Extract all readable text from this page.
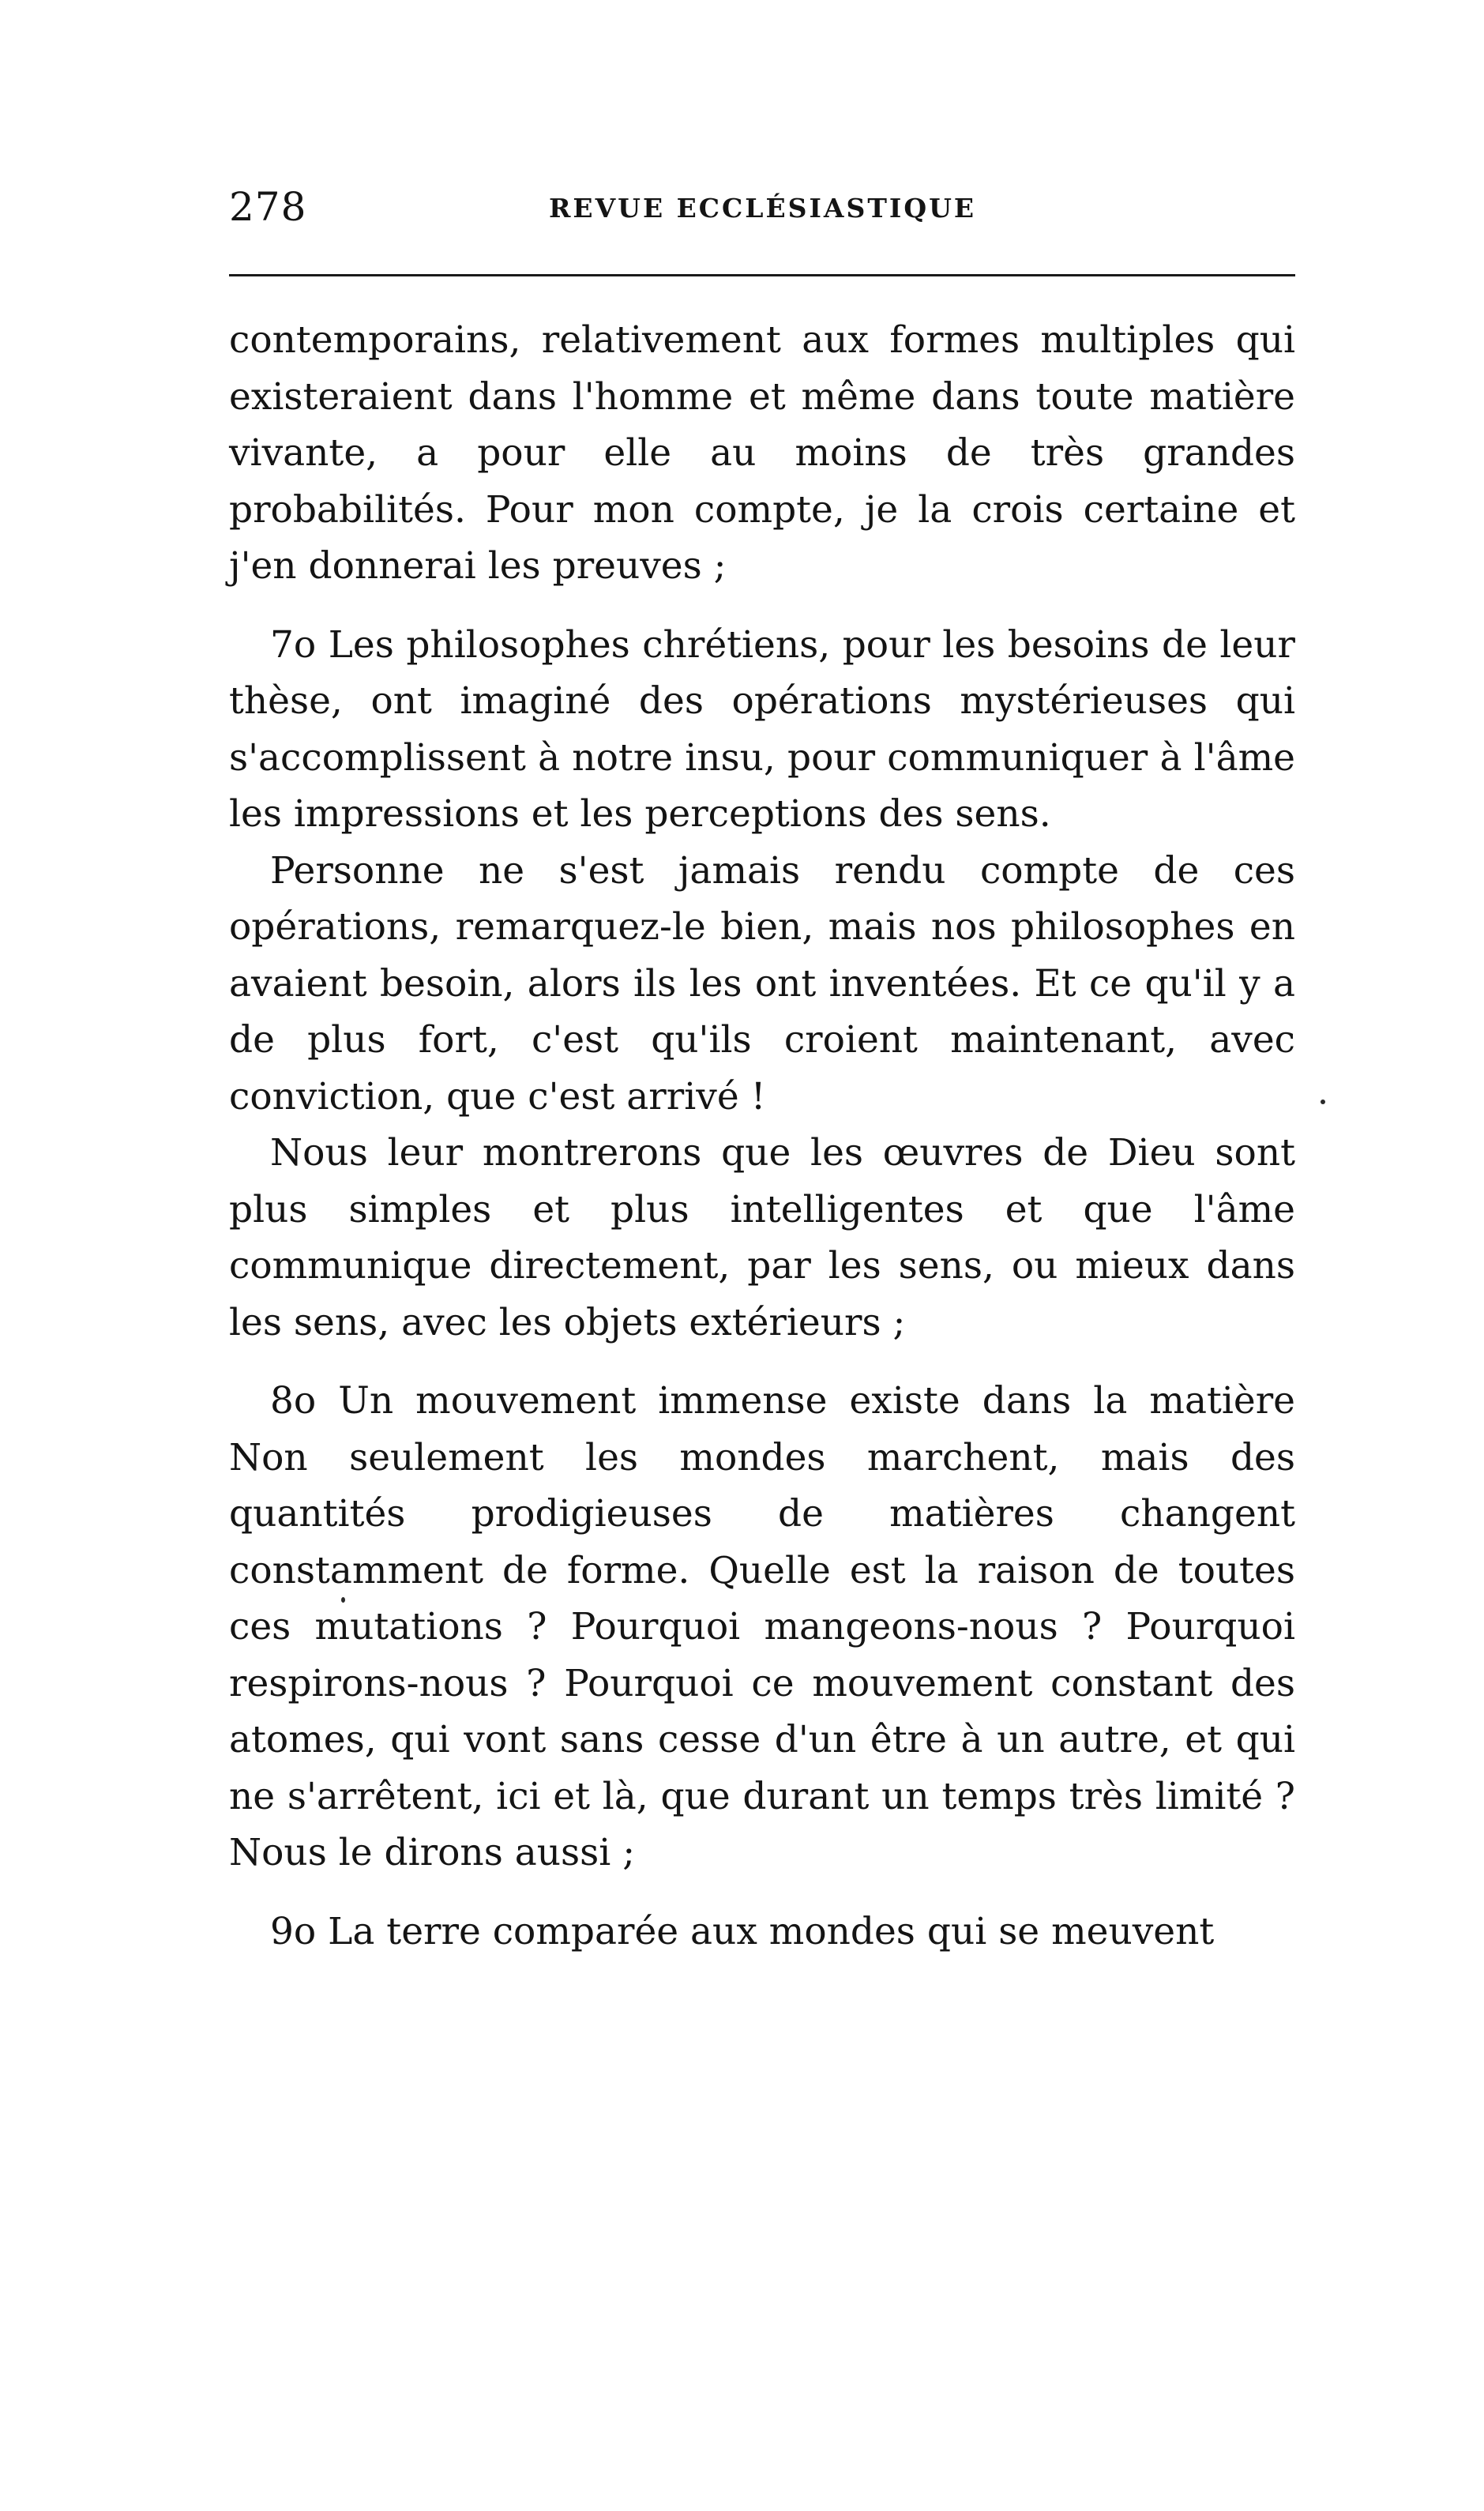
278	REVUE ECCLÉSIASTIQUE

contemporains, relativement aux formes multiples qui existeraient dans l'homme et même dans toute matière vivante, a pour elle au moins de très grandes probabilités. Pour mon compte, je la crois certaine et j'en donnerai les preuves ;

7o Les philosophes chrétiens, pour les besoins de leur thèse, ont imaginé des opérations mystérieuses qui s'accomplissent à notre insu, pour communiquer à l'âme les impressions et les perceptions des sens.

Personne ne s'est jamais rendu compte de ces opérations, remarquez-le bien, mais nos philosophes en avaient besoin, alors ils les ont inventées. Et ce qu'il y a de plus fort, c'est qu'ils croient maintenant, avec conviction, que c'est arrivé !

Nous leur montrerons que les œuvres de Dieu sont plus simples et plus intelligentes et que l'âme communique directement, par les sens, ou mieux dans les sens, avec les objets extérieurs ;

8o Un mouvement immense existe dans la matière Non seulement les mondes marchent, mais des quantités prodigieuses de matières changent constamment de forme. Quelle est la raison de toutes ces mutations ? Pourquoi mangeons-nous ? Pourquoi respirons-nous ? Pourquoi ce mouvement constant des atomes, qui vont sans cesse d'un être à un autre, et qui ne s'arrêtent, ici et là, que durant un temps très limité ? Nous le dirons aussi ;

9o La terre comparée aux mondes qui se meuvent
